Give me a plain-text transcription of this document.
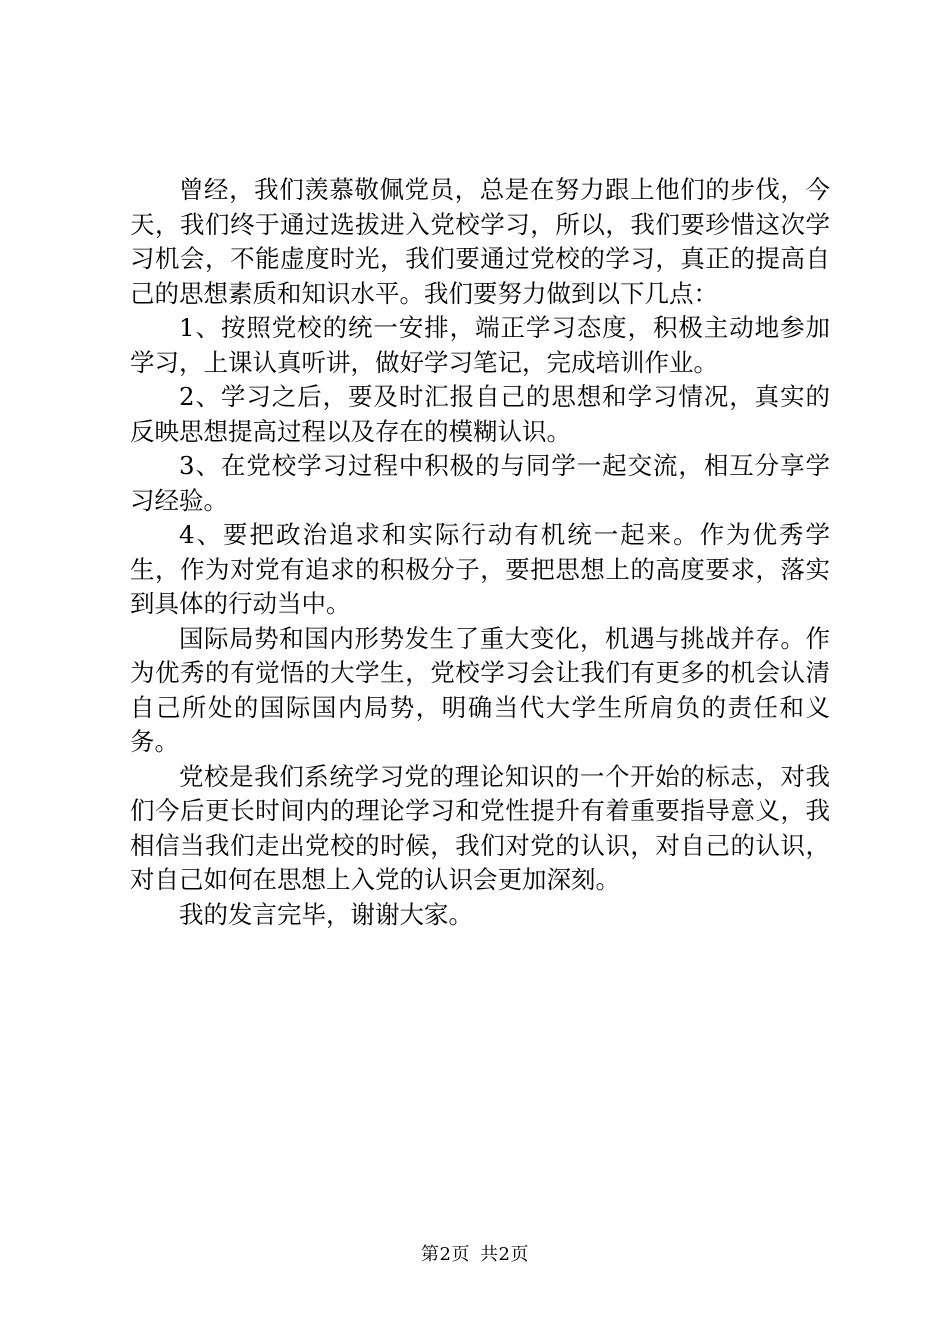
曾经，我们羡慕敬佩党员，总是在努力跟上他们的步伐，今天，我们终于通过选拔进入党校学习，所以，我们要珍惜这次学习机会，不能虚度时光，我们要通过党校的学习，真正的提高自己的思想素质和知识水平。我们要努力做到以下几点：

1、按照党校的统一安排，端正学习态度，积极主动地参加学习，上课认真听讲，做好学习笔记，完成培训作业。

2、学习之后，要及时汇报自己的思想和学习情况，真实的反映思想提高过程以及存在的模糊认识。

3、在党校学习过程中积极的与同学一起交流，相互分享学习经验。

4、要把政治追求和实际行动有机统一起来。作为优秀学生，作为对党有追求的积极分子，要把思想上的高度要求，落实到具体的行动当中。

国际局势和国内形势发生了重大变化，机遇与挑战并存。作为优秀的有觉悟的大学生，党校学习会让我们有更多的机会认清自己所处的国际国内局势，明确当代大学生所肩负的责任和义务。

党校是我们系统学习党的理论知识的一个开始的标志，对我们今后更长时间内的理论学习和党性提升有着重要指导意义，我相信当我们走出党校的时候，我们对党的认识，对自己的认识，对自己如何在思想上入党的认识会更加深刻。

我的发言完毕，谢谢大家。

第2页 共2页
